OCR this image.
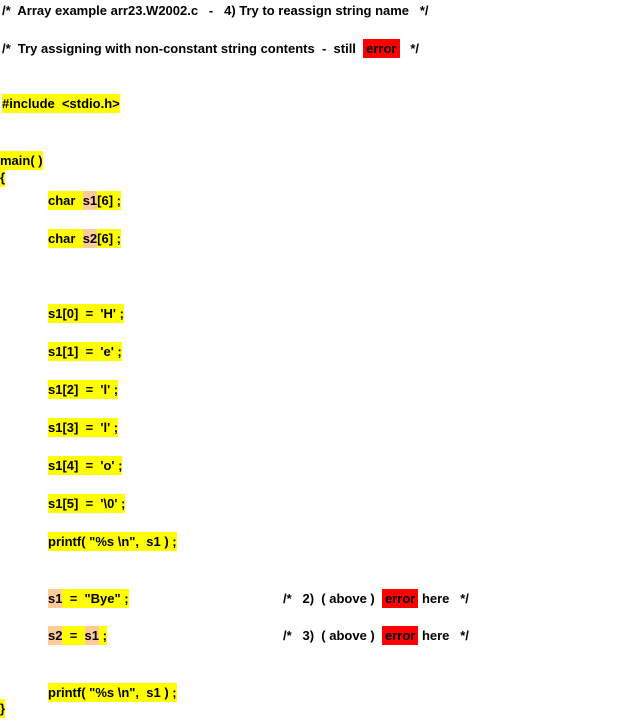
/*  Array example arr23.W2002.c   -   4) Try to reassign string name   */
/*  Try assigning with non-constant string contents  -  still  error   */
#include  <stdio.h>
main( )
{
char  s1[6] ;
char  s2[6] ;
s1[0]  =  'H' ;
s1[1]  =  'e' ;
s1[2]  =  'l' ;
s1[3]  =  'l' ;
s1[4]  =  'o' ;
s1[5]  =  '\0' ;
printf( "%s \n",  s1 ) ;
s1  =  "Bye" ;	/*   2)  ( above )  error here   */
s2  =  s1 ;	/*   3)  ( above )  error here   */
printf( "%s \n",  s1 ) ;
}
